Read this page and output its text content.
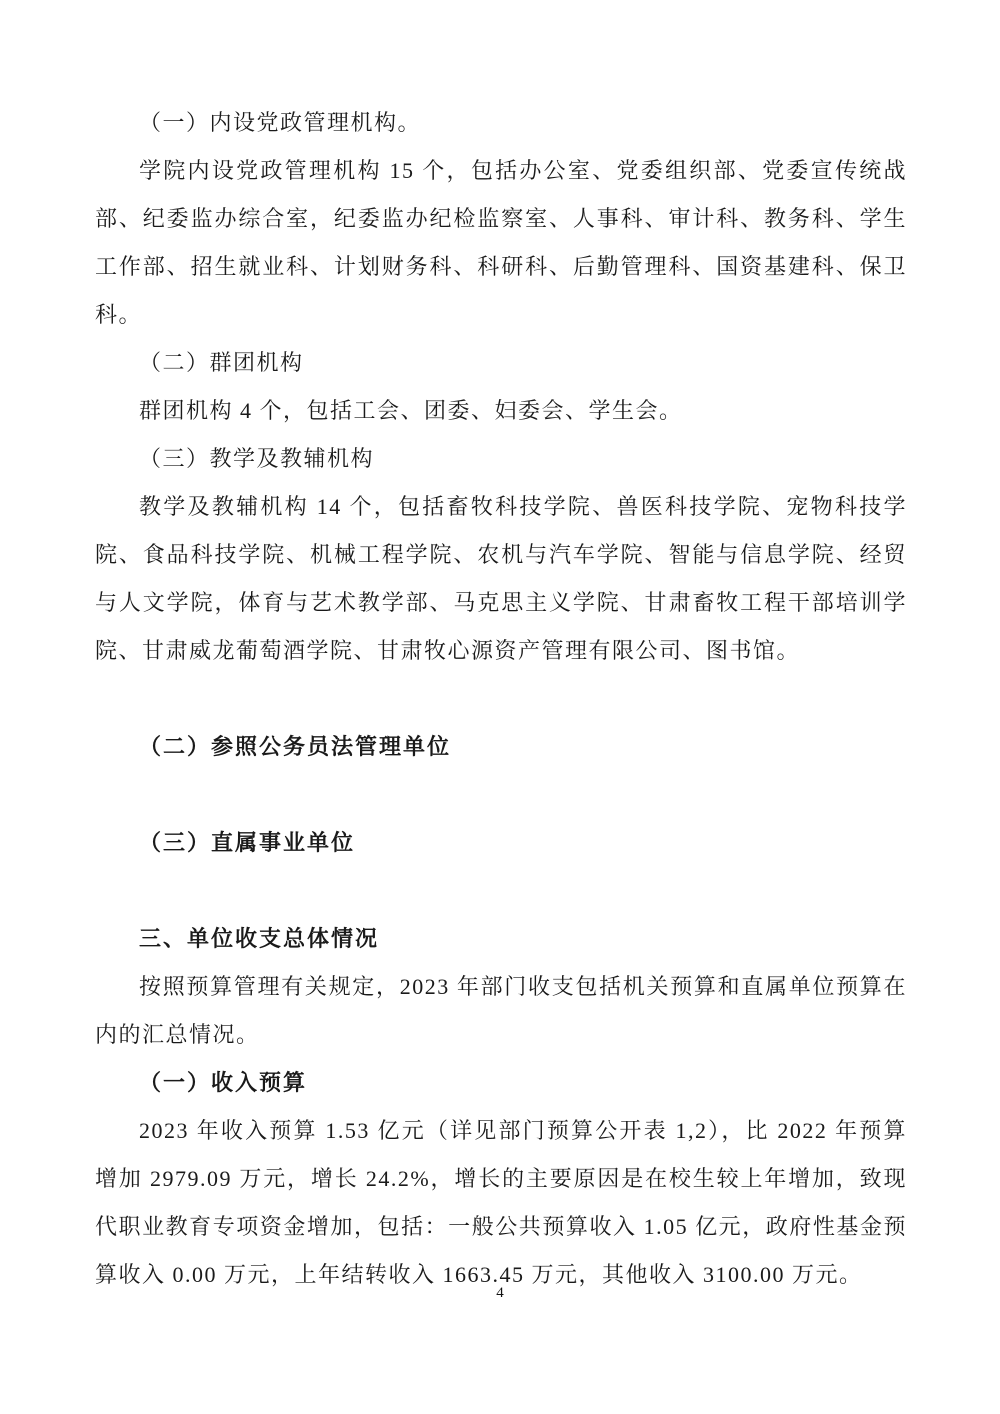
（一）内设党政管理机构。

学院内设党政管理机构 15 个，包括办公室、党委组织部、党委宣传统战部、纪委监办综合室，纪委监办纪检监察室、人事科、审计科、教务科、学生工作部、招生就业科、计划财务科、科研科、后勤管理科、国资基建科、保卫科。

（二）群团机构

群团机构 4 个，包括工会、团委、妇委会、学生会。

（三）教学及教辅机构

教学及教辅机构 14 个，包括畜牧科技学院、兽医科技学院、宠物科技学院、食品科技学院、机械工程学院、农机与汽车学院、智能与信息学院、经贸与人文学院，体育与艺术教学部、马克思主义学院、甘肃畜牧工程干部培训学院、甘肃威龙葡萄酒学院、甘肃牧心源资产管理有限公司、图书馆。

（二）参照公务员法管理单位

（三）直属事业单位

三、单位收支总体情况

按照预算管理有关规定，2023 年部门收支包括机关预算和直属单位预算在内的汇总情况。

（一）收入预算

2023 年收入预算 1.53 亿元（详见部门预算公开表 1,2），比 2022 年预算增加 2979.09 万元，增长 24.2%，增长的主要原因是在校生较上年增加，致现代职业教育专项资金增加，包括：一般公共预算收入 1.05 亿元，政府性基金预算收入 0.00 万元，上年结转收入 1663.45 万元，其他收入 3100.00 万元。

4
